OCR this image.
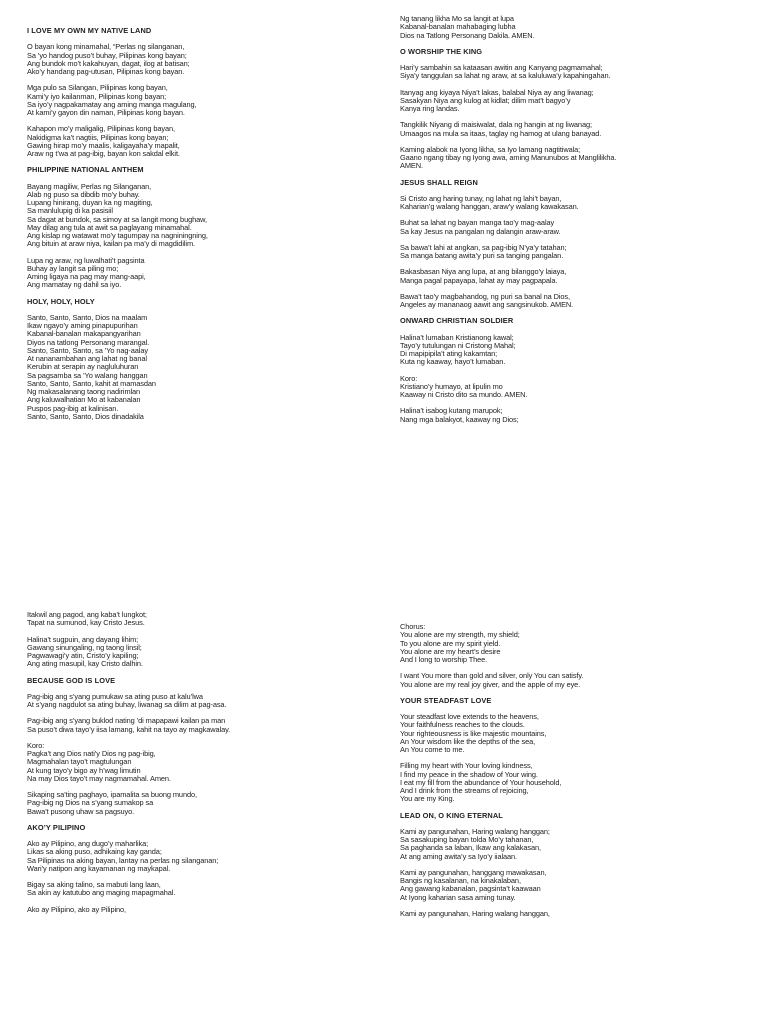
I LOVE MY OWN MY NATIVE LAND
O bayan kong minamahal, “Perlas ng silanganan,
Sa ’yo handog puso’t buhay, Pilipinas kong bayan;
Ang bundok mo’t kakahuyan, dagat, ilog at batisan;
Ako’y handang pag-utusan, Pilipinas kong bayan.
Mga pulo sa Silangan, Pilipinas kong bayan,
Kami’y iyo kailanman, Pilipinas kong bayan;
Sa iyo’y nagpakamatay ang aming manga magulang,
At kami’y gayon din naman, Pilipinas kong bayan.
Kahapon mo’y maligalig, Pilipinas kong bayan,
Nakidigma ka’t nagtiis, Pilipinas kong bayan;
Gawing hirap mo’y maalis, kaligayaha’y mapalit,
Araw ng t’wa at pag-ibig, bayan kon sakdal elkit.
PHILIPPINE NATIONAL ANTHEM
Bayang magiliw, Perlas ng Silanganan,
Alab ng puso sa dibdib mo’y buhay.
Lupang hinirang, duyan ka ng magiting,
Sa manlulupig di ka pasisiil
Sa dagat at bundok, sa simoy at sa langit mong bughaw,
May dilag ang tula at awit sa paglayang minamahal.
Ang kislap ng watawat mo’y tagumpay na nagniningning,
Ang bituin at araw niya, kailan pa ma’y di magdidilim.
Lupa ng araw, ng luwalhati’t pagsinta
Buhay ay langit sa piling mo;
Aming ligaya na pag may mang-aapi,
Ang mamatay ng dahil sa iyo.
HOLY, HOLY, HOLY
Santo, Santo, Santo, Dios na maalam
Ikaw ngayo’y aming pinapupurihan
Kabanal-banalan makapangyarihan
Diyos na tatlong Personang marangal.
Santo, Santo, Santo, sa ’Yo nag-aalay
At nananambahan ang lahat ng banal
Kerubin at serapin ay nagluluhuran
Sa pagsamba sa ’Yo walang hanggan
Santo, Santo, Santo, kahit at mamasdan
Ng makasalanang taong nadirimlan
Ang kaluwalhatian Mo at kabanalan
Puspos pag-ibig at kalinisan.
Santo, Santo, Santo, Dios dinadakila
Ng tanang likha Mo sa langit at lupa
Kabanal-banalan mahabaging lubha
Dios na Tatlong Personang Dakila. AMEN.
O WORSHIP THE KING
Hari’y sambahin sa kataasan awitin ang Kanyang pagmamahal;
Siya’y tanggulan sa lahat ng araw, at sa kaluluwa’y kapahingahan.
Itanyag ang kiyaya Niya’t lakas, balabal Niya ay ang liwanag;
Sasakyan Niya ang kulog at kidlat; dilim mat’t bagyo’y
Kanya ring landas.
Tangkilik Niyang di maisiwalat, dala ng hangin at ng liwanag;
Umaagos na mula sa itaas, taglay ng hamog at ulang banayad.
Kaming alabok na Iyong likha, sa Iyo lamang nagtitiwala;
Gaano ngang tibay ng Iyong awa, aming Manunubos at Manglilikha.
AMEN.
JESUS SHALL REIGN
Si Cristo ang haring tunay, ng lahat ng lahi’t bayan,
Kaharian’g walang hanggan, araw’y walang kawakasan.
Buhat sa lahat ng bayan manga tao’y mag-aalay
Sa kay Jesus na pangalan ng dalangin araw-araw.
Sa bawa’t lahi at angkan, sa pag-ibig N’ya’y tatahan;
Sa manga batang awita’y puri sa tanging pangalan.
Bakasbasan Niya ang lupa, at ang bilanggo’y laiaya,
Manga pagal papayapa, lahat ay may pagpapala.
Bawa’t tao’y magbahandog, ng puri sa banal na Dios,
Angeles ay mananaog aawit ang sangsinukob. AMEN.
ONWARD CHRISTIAN SOLDIER
Halina’t lumaban Kristianong kawal;
Tayo’y tutulungan ni Cristong Mahal;
Di mapipipila’t ating kakamtan;
Kuta ng kaaway, hayo’t lumaban.
Koro:
Kristiano’y humayo, at lipulin mo
Kaaway ni Cristo dito sa mundo. AMEN.
Halina’t isabog kutang marupok;
Nang mga balakyot, kaaway ng Dios;
Itakwil ang pagod, ang kaba’t lungkot;
Tapat na sumunod, kay Cristo Jesus.
Halina’t sugpuin, ang dayang lihim;
Gawang sinungaling, ng taong linsil;
Pagwawagi’y atin, Cristo’y kapiling;
Ang ating masupil, kay Cristo dalhin.
BECAUSE GOD IS LOVE
Pag-ibig ang s’yang pumukaw sa ating puso at kalu’lwa
At s’yang nagdulot sa ating buhay, liwanag sa dilim at pag-asa.
Pag-ibig ang s’yang buklod nating ’di mapapawi kailan pa man
Sa puso’t diwa tayo’y iisa lamang, kahit na tayo ay magkawalay.
Koro:
Pagka’t ang Dios nati’y Dios ng pag-ibig,
Magmahalan tayo’t magtulungan
At kung tayo’y bigo ay h’wag limutin
Na may Dios tayo’t may nagmamahal. Amen.
Sikaping sa’ting paghayo, ipamalita sa buong mundo,
Pag-ibig ng Dios na s’yang sumakop sa
Bawa’t pusong uhaw sa pagsuyo.
AKO’Y PILIPINO
Ako ay Pilipino, ang dugo’y maharlika;
Likas sa aking puso, adhikaing kay ganda;
Sa Pilipinas na aking bayan, lantay na perlas ng silanganan;
Wari’y natipon ang kayamanan ng maykapal.
Bigay sa aking talino, sa mabuti lang laan,
Sa akin ay katutubo ang maging mapagmahal.
Ako ay Pilipino, ako ay Pilipino,
Chorus:
You alone are my strength, my shield;
To you alone are my spirit yield.
You alone are my heart’s desire
And I long to worship Thee.
I want You more than gold and silver, only You can satisfy.
You alone are my real joy giver, and the apple of my eye.
YOUR STEADFAST LOVE
Your steadfast love extends to the heavens,
Your faithfulness reaches to the clouds.
Your righteousness is like majestic mountains,
An Your wisdom like the depths of the sea,
An You come to me.
Filling my heart with Your loving kindness,
I find my peace in the shadow of Your wing.
I eat my fill from the abundance of Your household,
And I drink from the streams of rejoicing,
You are my King.
LEAD ON, O KING ETERNAL
Kami ay pangunahan, Haring walang hanggan;
Sa sasakuping bayan tolda Mo’y tahanan,
Sa paghanda sa laban, Ikaw ang kalakasan,
At ang aming awita’y sa Iyo’y iialaan.
Kami ay pangunahan, hanggang mawakasan,
Bangis ng kasalanan, na kinakalaban,
Ang gawang kabanalan, pagsinta’t kaawaan
At Iyong kaharian sasa aming tunay.
Kami ay pangunahan, Haring walang hanggan,
